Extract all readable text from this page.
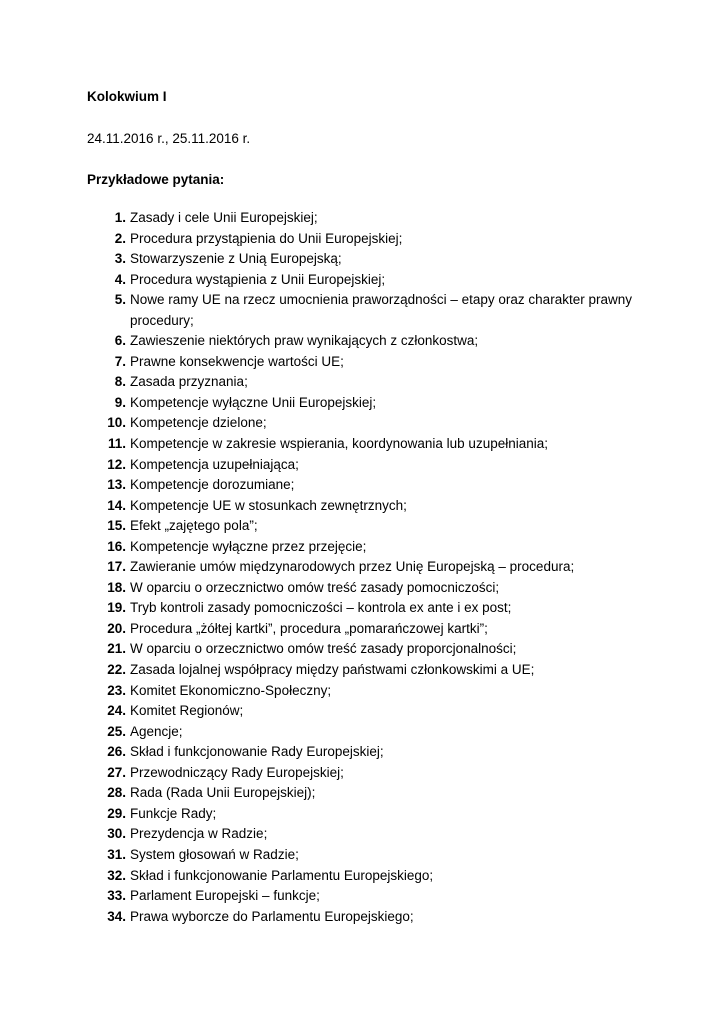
Kolokwium I
24.11.2016 r., 25.11.2016 r.
Przykładowe pytania:
1. Zasady i cele Unii Europejskiej;
2. Procedura przystąpienia do Unii Europejskiej;
3. Stowarzyszenie z Unią Europejską;
4. Procedura wystąpienia z Unii Europejskiej;
5. Nowe ramy UE na rzecz umocnienia praworządności – etapy oraz charakter prawny procedury;
6. Zawieszenie niektórych praw wynikających z członkostwa;
7. Prawne konsekwencje wartości UE;
8. Zasada przyznania;
9. Kompetencje wyłączne Unii Europejskiej;
10. Kompetencje dzielone;
11. Kompetencje w zakresie wspierania, koordynowania lub uzupełniania;
12. Kompetencja uzupełniająca;
13. Kompetencje dorozumiane;
14. Kompetencje UE w stosunkach zewnętrznych;
15. Efekt „zajętego pola”;
16. Kompetencje wyłączne przez przejęcie;
17. Zawieranie umów międzynarodowych przez Unię Europejską – procedura;
18. W oparciu o orzecznictwo omów treść zasady pomocniczości;
19. Tryb kontroli zasady pomocniczości – kontrola ex ante i ex post;
20. Procedura „żółtej kartki”, procedura „pomarańczowej kartki”;
21. W oparciu o orzecznictwo omów treść zasady proporcjonalności;
22. Zasada lojalnej współpracy między państwami członkowskimi a UE;
23. Komitet Ekonomiczno-Społeczny;
24. Komitet Regionów;
25. Agencje;
26. Skład i funkcjonowanie Rady Europejskiej;
27. Przewodniczący Rady Europejskiej;
28. Rada (Rada Unii Europejskiej);
29. Funkcje Rady;
30. Prezydencja w Radzie;
31. System głosowań w Radzie;
32. Skład i funkcjonowanie Parlamentu Europejskiego;
33. Parlament Europejski – funkcje;
34. Prawa wyborcze do Parlamentu Europejskiego;
